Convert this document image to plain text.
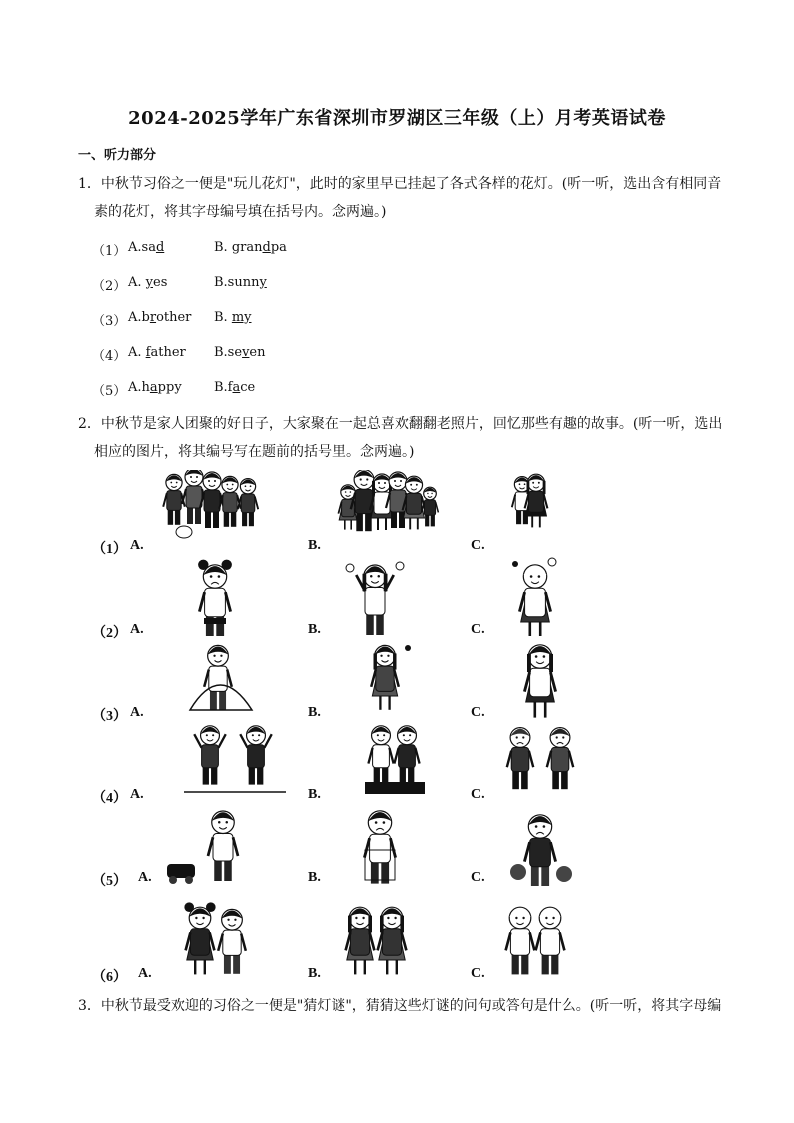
2024-2025学年广东省深圳市罗湖区三年级（上）月考英语试卷
一、听力部分
1．中秋节习俗之一便是"玩儿花灯"，此时的家里早已挂起了各式各样的花灯。(听一听，选出含有相同音
素的花灯，将其字母编号填在括号内。念两遍。)
（1） A.sad	B. grandpa
（2） A. yes	B.sunny
（3） A.brother B. my
（4） A. father B.seven
（5） A.happy B.face
2．中秋节是家人团聚的好日子，大家聚在一起总喜欢翻翻老照片，回忆那些有趣的故事。(听一听，选出
相应的图片，将其编号写在题前的括号里。念两遍。)
（1） A.	B.	C.
（2） A.	B.	C.
（3） A.	B.	C.
（4） A.	B.	C.
（5） A.	B.	C.
（6） A.	B.	C.
3．中秋节最受欢迎的习俗之一便是"猜灯谜"，猜猜这些灯谜的问句或答句是什么。(听一听，将其字母编
